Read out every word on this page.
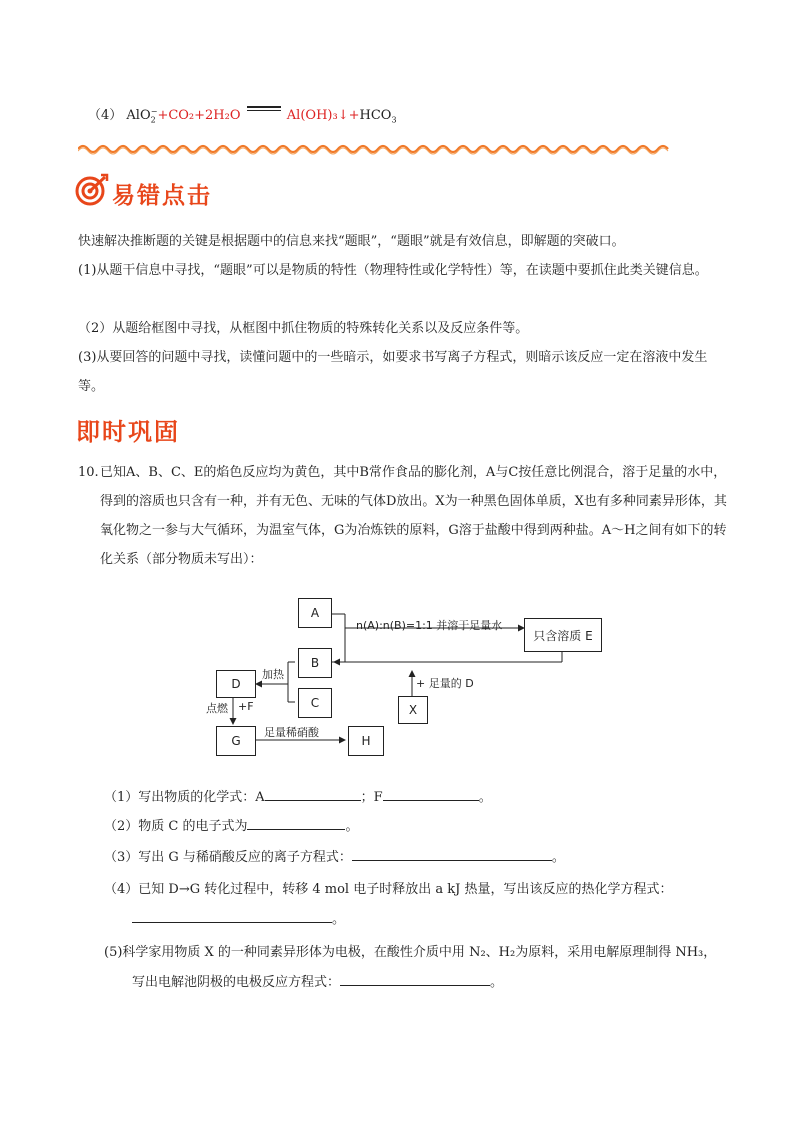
（4） AlO$_2$−+CO₂+2H₂O	$Al(OH)_3↓+HCO_3$
易错点击
快速解决推断题的关键是根据题中的信息来找“题眼”，“题眼”就是有效信息，即解题的突破口。
(1)从题干信息中寻找，“题眼”可以是物质的特性（物理特性或化学特性）等，在读题中要抓住此类关键信息。
（2）从题给框图中寻找，从框图中抓住物质的特殊转化关系以及反应条件等。
(3)从要回答的问题中寻找，读懂问题中的一些暗示，如要求书写离子方程式，则暗示该反应一定在溶液中发生等。
即时巩固
10.已知A、B、C、E的焰色反应均为黄色，其中B常作食品的膨化剂，A与C按任意比例混合，溶于足量的水中，得到的溶质也只含有一种，并有无色、无味的气体D放出。X为一种黑色固体单质，X也有多种同素异形体，其氧化物之一参与大气循环，为温室气体，G为冶炼铁的原料，G溶于盐酸中得到两种盐。A～H之间有如下的转化关系（部分物质未写出）：
A
B
C
只含溶质 E
D
G	H
X
n(A):n(B)=1:1 并溶于足量水
加热
点燃 +F
+ 足量的 D
足量稀硝酸
（1）写出物质的化学式：A	；F	。
（2）物质 C 的电子式为	。
（3）写出 G 与稀硝酸反应的离子方程式：	。
（4）已知 D→G 转化过程中，转移 4 mol 电子时释放出 a kJ 热量，写出该反应的热化学方程式：
。
(5)科学家用物质 X 的一种同素异形体为电极，在酸性介质中用 N₂、H₂为原料，采用电解原理制得 NH₃，
写出电解池阴极的电极反应方程式：	。
